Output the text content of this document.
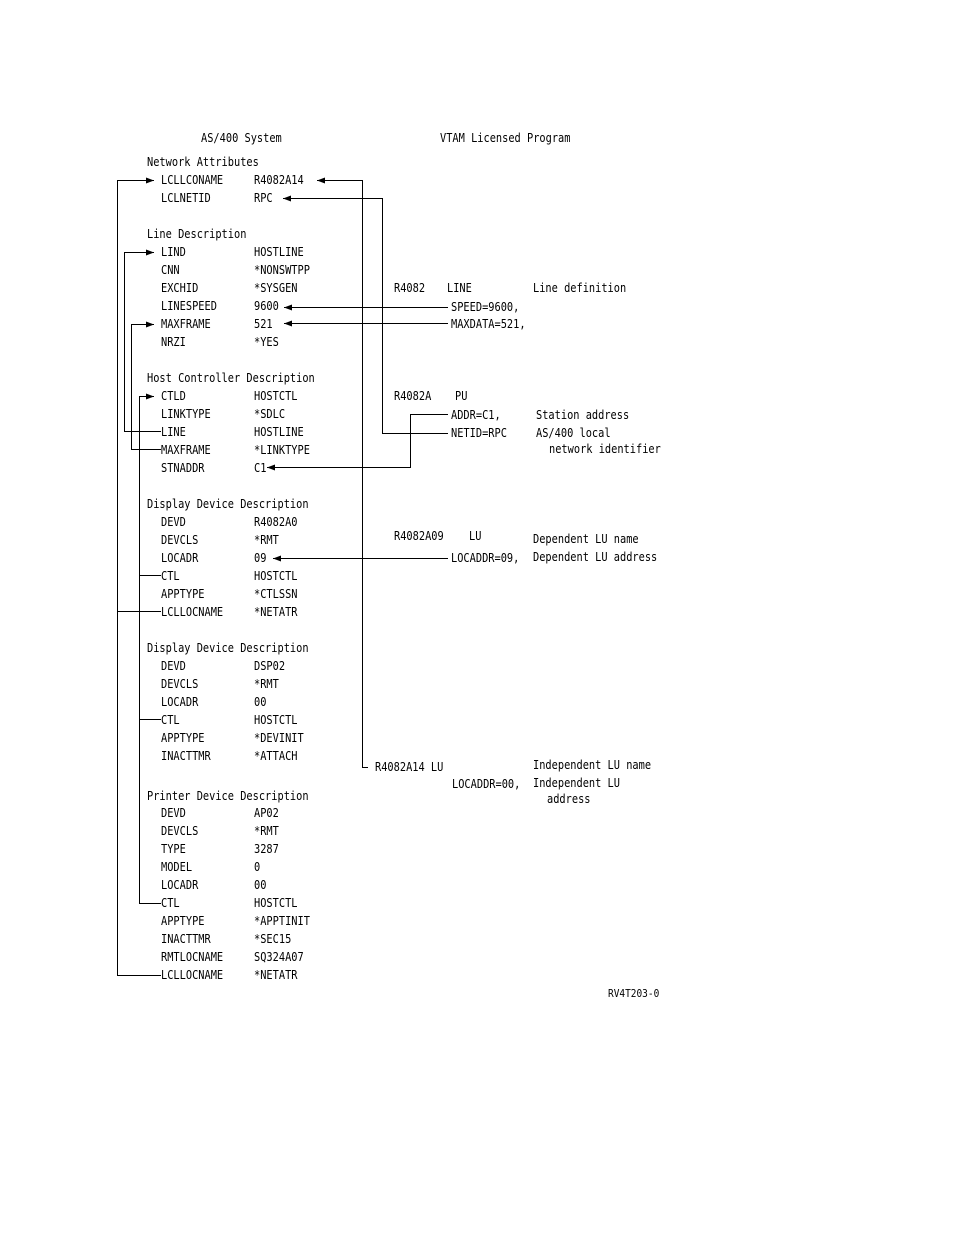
AS/400 System	VTAM Licensed Program
Network Attributes
LCLLCONAME	R4082A14
LCLNETID	RPC
Line Description
LIND	HOSTLINE
CNN	*NONSWTPP
EXCHID	*SYSGEN
LINESPEED	9600
MAXFRAME	521
NRZI	*YES
Host Controller Description
CTLD	HOSTCTL
LINKTYPE	*SDLC
LINE	HOSTLINE
MAXFRAME	*LINKTYPE
STNADDR	C1
Display Device Description
DEVD	R4082A0
DEVCLS	*RMT
LOCADR	09
CTL	HOSTCTL
APPTYPE	*CTLSSN
LCLLOCNAME	*NETATR
Display Device Description
DEVD	DSP02
DEVCLS	*RMT
LOCADR	00
CTL	HOSTCTL
APPTYPE	*DEVINIT
INACTTMR	*ATTACH
Printer Device Description
DEVD	AP02
DEVCLS	*RMT
TYPE	3287
MODEL	0
LOCADR	00
CTL	HOSTCTL
APPTYPE	*APPTINIT
INACTTMR	*SEC15
RMTLOCNAME	SQ324A07
LCLLOCNAME	*NETATR
R4082 LINE	Line definition
SPEED=9600,
MAXDATA=521,
R4082A PU
ADDR=C1,	Station address
NETID=RPC AS/400 local
network identifier
R4082A09 LU	Dependent LU name
LOCADDR=09, Dependent LU address
R4082A14 LU	Independent LU name
LOCADDR=00, Independent LU
address
RV4T203-0
